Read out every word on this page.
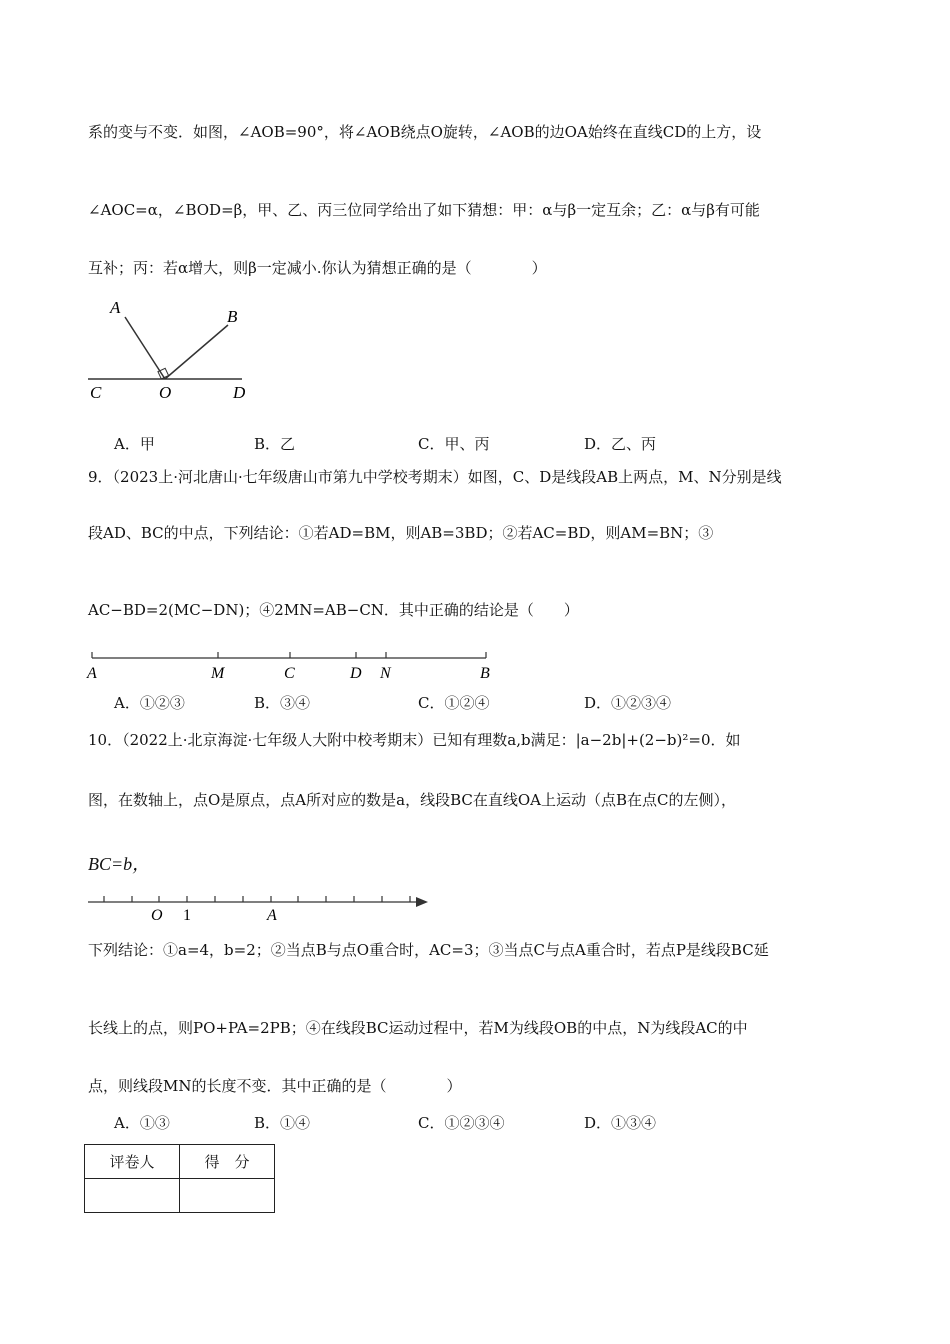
系的变与不变．如图，∠AOB=90°，将∠AOB绕点O旋转，∠AOB的边OA始终在直线CD的上方，设
∠AOC=α，∠BOD=β，甲、乙、丙三位同学给出了如下猜想：甲：α与β一定互余；乙：α与β有可能
互补；丙：若α增大，则β一定减小.你认为猜想正确的是（　　　　）
A	B
C	O	D
A．甲	B．乙	C．甲、丙	D．乙、丙
9．（2023上·河北唐山·七年级唐山市第九中学校考期末）如图，C、D是线段AB上两点，M、N分别是线
段AD、BC的中点，下列结论：①若AD=BM，则AB=3BD；②若AC=BD，则AM=BN；③
AC−BD=2(MC−DN)；④2MN=AB−CN．其中正确的结论是（　　）
A	M	C	D N	B
A．①②③	B．③④	C．①②④	D．①②③④
10．（2022上·北京海淀·七年级人大附中校考期末）已知有理数a,b满足：|a−2b|+(2−b)²=0．如
图，在数轴上，点O是原点，点A所对应的数是a，线段BC在直线OA上运动（点B在点C的左侧），
BC=b，
O 1	A
下列结论：①a=4，b=2；②当点B与点O重合时，AC=3；③当点C与点A重合时，若点P是线段BC延
长线上的点，则PO+PA=2PB；④在线段BC运动过程中，若M为线段OB的中点，N为线段AC的中
点，则线段MN的长度不变．其中正确的是（　　　　）
A．①③	B．①④	C．①②③④	D．①③④
评卷人	得　分
